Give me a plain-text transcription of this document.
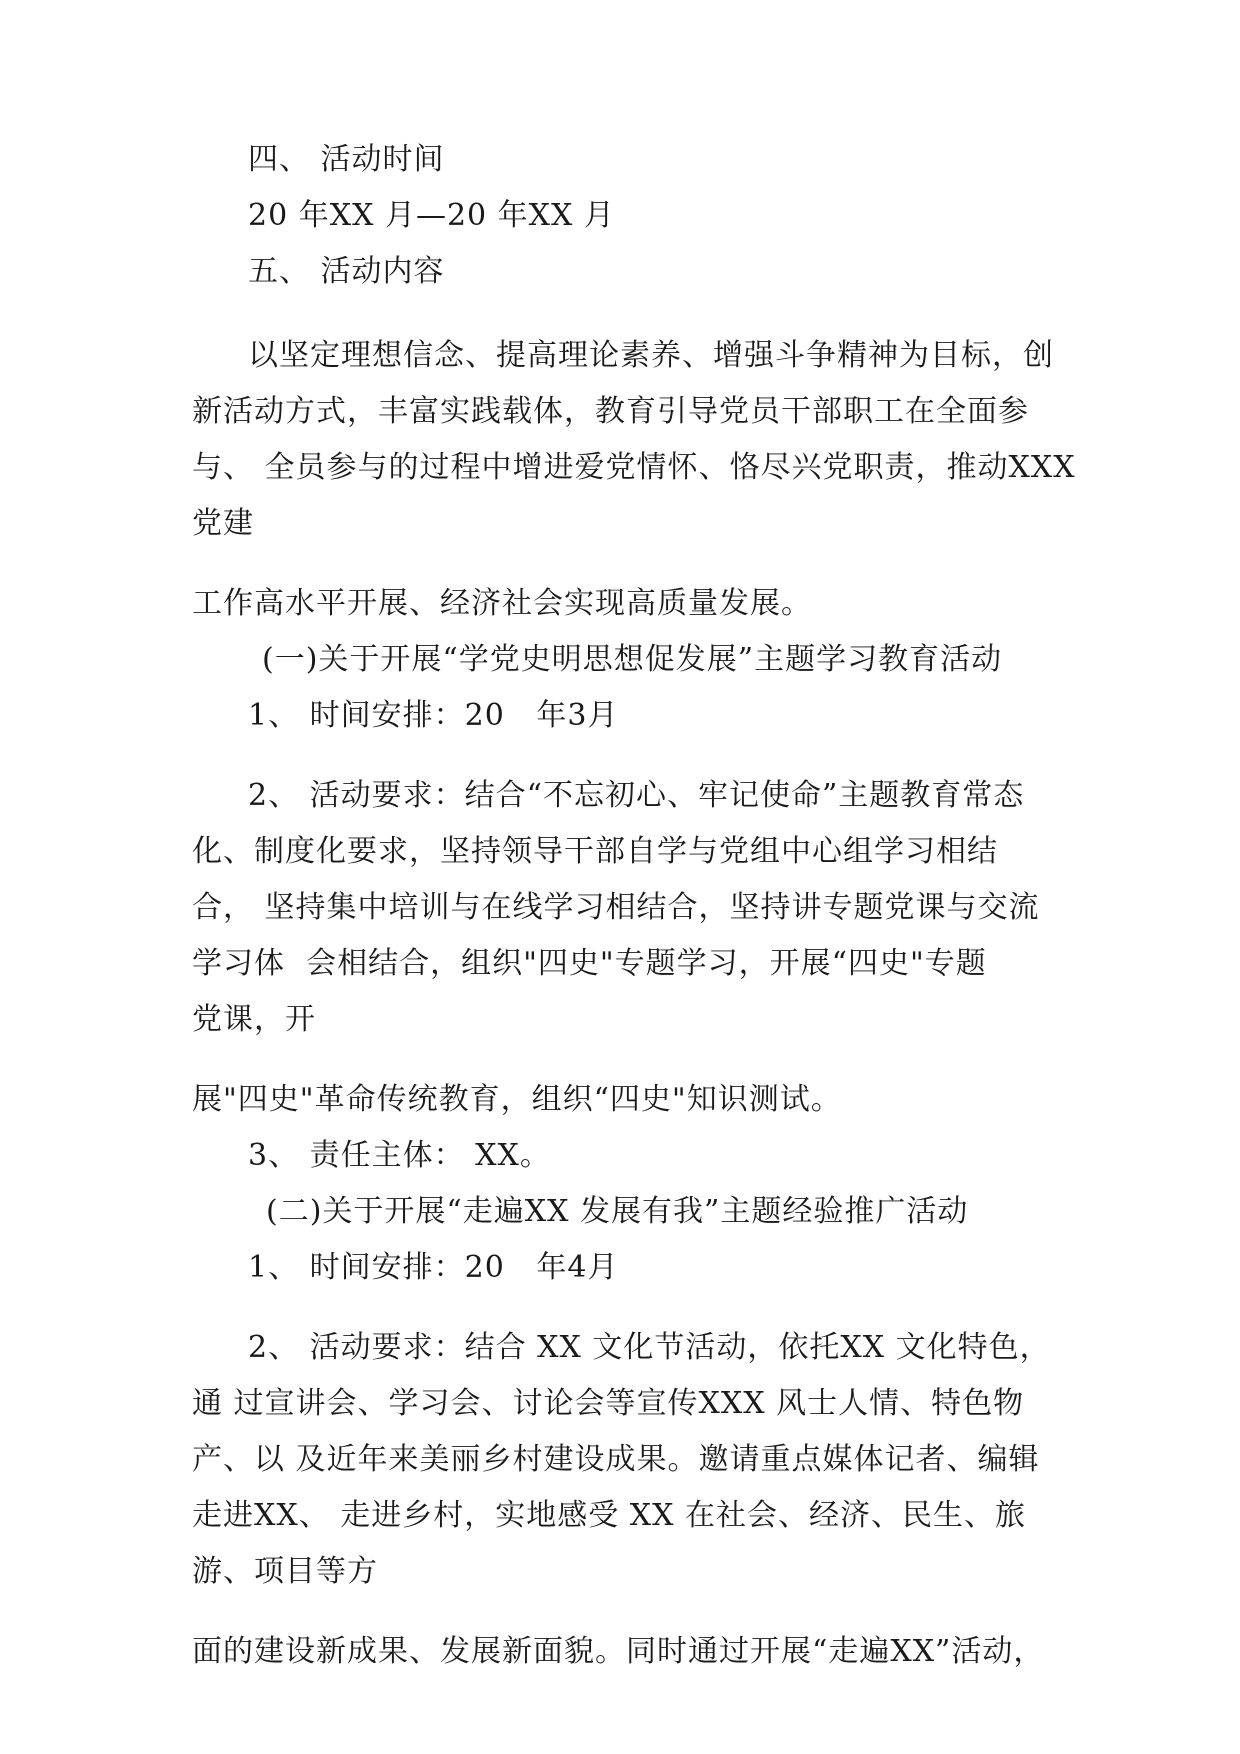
四、 活动时间
20 年XX 月—20 年XX 月
五、 活动内容
以坚定理想信念、提高理论素养、增强斗争精神为目标，创
新活动方式，丰富实践载体，教育引导党员干部职工在全面参
与、 全员参与的过程中增进爱党情怀、恪尽兴党职责，推动XXX
党建
工作高水平开展、经济社会实现高质量发展。
(一)关于开展“学党史明思想促发展”主题学习教育活动
1、 时间安排：20   年3月
2、 活动要求：结合“不忘初心、牢记使命”主题教育常态
化、制度化要求，坚持领导干部自学与党组中心组学习相结
合， 坚持集中培训与在线学习相结合，坚持讲专题党课与交流
学习体  会相结合，组织"四史"专题学习，开展“四史"专题
党课，开
展"四史"革命传统教育，组织“四史"知识测试。
3、 责任主体： XX。
(二)关于开展“走遍XX 发展有我”主题经验推广活动
1、 时间安排：20   年4月
2、 活动要求：结合 XX 文化节活动，依托XX 文化特色，
通 过宣讲会、学习会、讨论会等宣传XXX 风士人情、特色物
产、以 及近年来美丽乡村建设成果。邀请重点媒体记者、编辑
走进XX、 走进乡村，实地感受 XX 在社会、经济、民生、旅
游、项目等方
面的建设新成果、发展新面貌。同时通过开展“走遍XX”活动，
